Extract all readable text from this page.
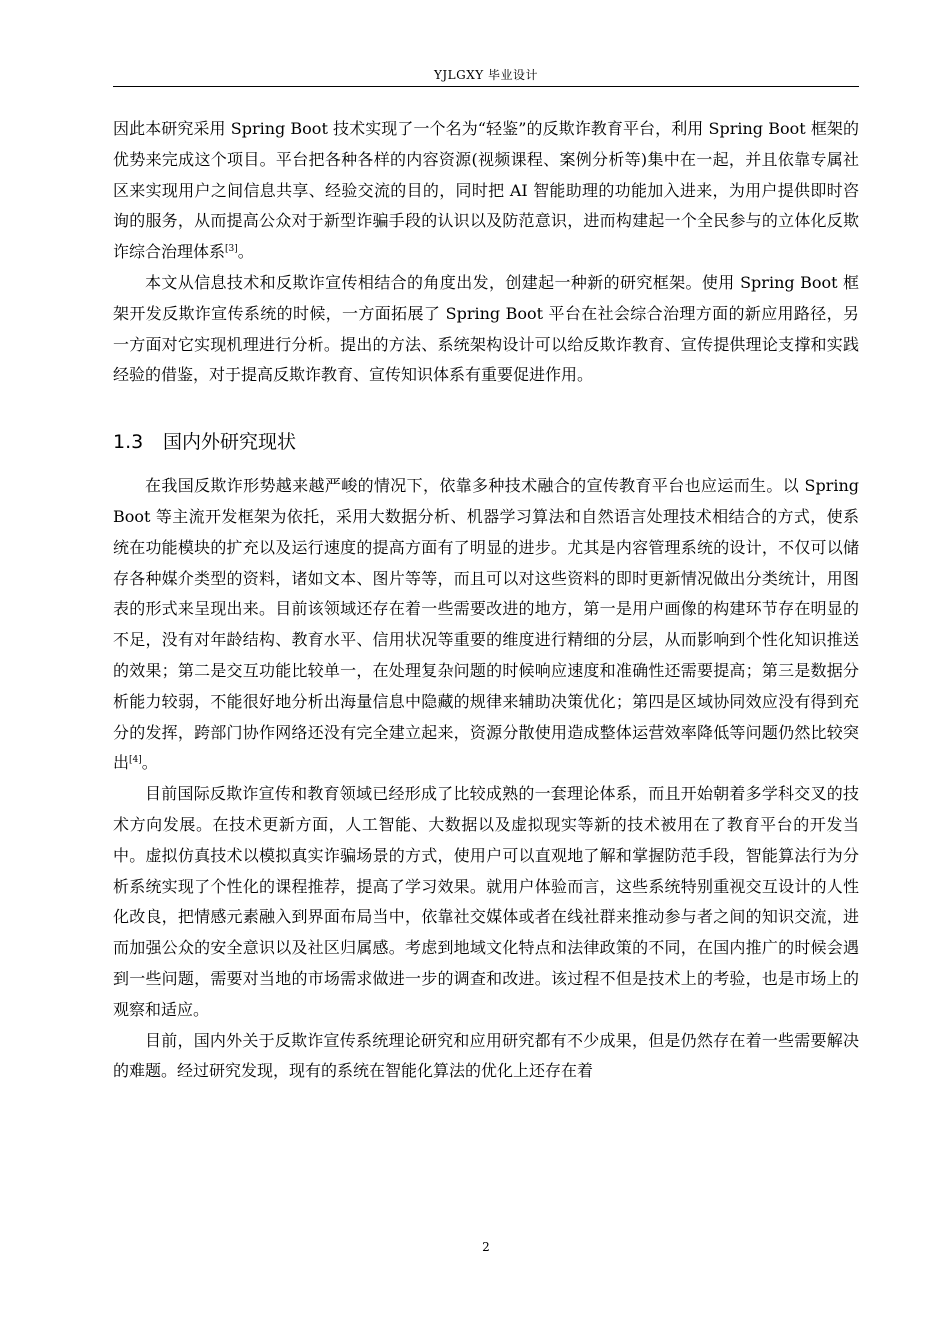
YJLGXY 毕业设计

因此本研究采用 Spring Boot 技术实现了一个名为“轻鉴”的反欺诈教育平台，利用 Spring Boot 框架的优势来完成这个项目。平台把各种各样的内容资源(视频课程、案例分析等)集中在一起，并且依靠专属社区来实现用户之间信息共享、经验交流的目的，同时把 AI 智能助理的功能加入进来，为用户提供即时咨询的服务，从而提高公众对于新型诈骗手段的认识以及防范意识，进而构建起一个全民参与的立体化反欺诈综合治理体系[3]。

本文从信息技术和反欺诈宣传相结合的角度出发，创建起一种新的研究框架。使用 Spring Boot 框架开发反欺诈宣传系统的时候，一方面拓展了 Spring Boot 平台在社会综合治理方面的新应用路径，另一方面对它实现机理进行分析。提出的方法、系统架构设计可以给反欺诈教育、宣传提供理论支撑和实践经验的借鉴，对于提高反欺诈教育、宣传知识体系有重要促进作用。

1.3 国内外研究现状

在我国反欺诈形势越来越严峻的情况下，依靠多种技术融合的宣传教育平台也应运而生。以 Spring Boot 等主流开发框架为依托，采用大数据分析、机器学习算法和自然语言处理技术相结合的方式，使系统在功能模块的扩充以及运行速度的提高方面有了明显的进步。尤其是内容管理系统的设计，不仅可以储存各种媒介类型的资料，诸如文本、图片等等，而且可以对这些资料的即时更新情况做出分类统计，用图表的形式来呈现出来。目前该领域还存在着一些需要改进的地方，第一是用户画像的构建环节存在明显的不足，没有对年龄结构、教育水平、信用状况等重要的维度进行精细的分层，从而影响到个性化知识推送的效果；第二是交互功能比较单一，在处理复杂问题的时候响应速度和准确性还需要提高；第三是数据分析能力较弱，不能很好地分析出海量信息中隐藏的规律来辅助决策优化；第四是区域协同效应没有得到充分的发挥，跨部门协作网络还没有完全建立起来，资源分散使用造成整体运营效率降低等问题仍然比较突出[4]。

目前国际反欺诈宣传和教育领域已经形成了比较成熟的一套理论体系，而且开始朝着多学科交叉的技术方向发展。在技术更新方面，人工智能、大数据以及虚拟现实等新的技术被用在了教育平台的开发当中。虚拟仿真技术以模拟真实诈骗场景的方式，使用户可以直观地了解和掌握防范手段，智能算法行为分析系统实现了个性化的课程推荐，提高了学习效果。就用户体验而言，这些系统特别重视交互设计的人性化改良，把情感元素融入到界面布局当中，依靠社交媒体或者在线社群来推动参与者之间的知识交流，进而加强公众的安全意识以及社区归属感。考虑到地域文化特点和法律政策的不同，在国内推广的时候会遇到一些问题，需要对当地的市场需求做进一步的调查和改进。该过程不但是技术上的考验，也是市场上的观察和适应。

目前，国内外关于反欺诈宣传系统理论研究和应用研究都有不少成果，但是仍然存在着一些需要解决的难题。经过研究发现，现有的系统在智能化算法的优化上还存在着

2
